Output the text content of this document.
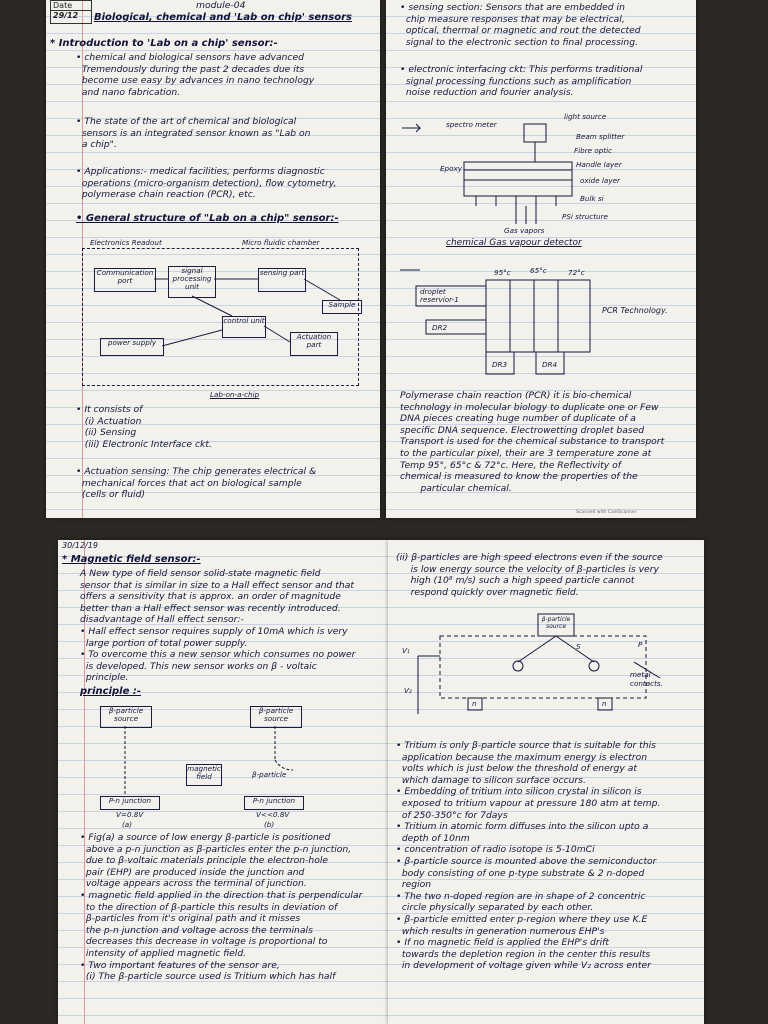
Date
29/12
module-04
Biological, chemical and 'Lab on chip' sensors
* Introduction to 'Lab on a chip' sensor:-
• chemical and biological sensors have advanced
Tremendously during the past 2 decades due its
become use easy by advances in nano technology
and nano fabrication.
• The state of the art of chemical and biological
sensors is an integrated sensor known as "Lab on
a chip".
• Applications:- medical facilities, performs diagnostic
operations (micro-organism detection), flow cytometry,
polymerase chain reaction (PCR), etc.
• General structure of "Lab on a chip" sensor:-
Electronics Readout	Micro fluidic chamber
Communication port
signal processing unit
sensing part
control unit
Sample
power supply
Actuation part
Lab-on-a-chip
• It consists of
(i) Actuation
(ii) Sensing
(iii) Electronic Interface ckt.
• Actuation sensing: The chip generates electrical &
mechanical forces that act on biological sample
(cells or fluid)
• sensing section: Sensors that are embedded in
chip measure responses that may be electrical,
optical, thermal or magnetic and rout the detected
signal to the electronic section to final processing.
• electronic interfacing ckt: This performs traditional
signal processing functions such as amplification
noise reduction and fourier analysis.
spectro meter
light source
Beam splitter
Fibre optic
Handle layer
oxide layer
Bulk si
PSi structure
Epoxy
Gas vapors
chemical Gas vapour detector
95°c	65°c	72°c
droplet reservior-1
DR2
DR3	DR4
PCR Technology.
Polymerase chain reaction (PCR) it is bio-chemical
technology in molecular biology to duplicate one or Few
DNA pieces creating huge number of duplicate of a
specific DNA sequence. Electrowetting droplet based
Transport is used for the chemical substance to transport
to the particular pixel, their are 3 temperature zone at
Temp 95°, 65°c & 72°c. Here, the Reflectivity of
chemical is measured to know the properties of the
particular chemical.
Scanned with CamScanner
30/12/19
* Magnetic field sensor:-
A New type of field sensor solid-state magnetic field
sensor that is similar in size to a Hall effect sensor and that
offers a sensitivity that is approx. an order of magnitude
better than a Hall effect sensor was recently introduced.
disadvantage of Hall effect sensor:-
• Hall effect sensor requires supply of 10mA which is very
large portion of total power supply.
• To overcome this a new sensor which consumes no power
is developed. This new sensor works on β - voltaic
principle.
principle :-
β-particle source
β-particle source
magnetic field	β-particle
P-n junction	P-n junction
V=0.8V	V<<0.8V
(a)	(b)
• Fig(a) a source of low energy β-particle is positioned
above a p-n junction as β-particles enter the p-n junction,
due to β-voltaic materials principle the electron-hole
pair (EHP) are produced inside the junction and
voltage appears across the terminal of junction.
• magnetic field applied in the direction that is perpendicular
to the direction of β-particle this results in deviation of
β-particles from it's original path and it misses
the p-n junction and voltage across the terminals
decreases this decrease in voltage is proportional to
intensity of applied magnetic field.
• Two important features of the sensor are,
(i) The β-particle source used is Tritium which has half
(ii) β-particles are high speed electrons even if the source
is low energy source the velocity of β-particles is very
high (10⁸ m/s) such a high speed particle cannot
respond quickly over magnetic field.
β-particle source
S	P
V₁
V₂
metal contacts.
n	n
• Tritium is only β-particle source that is suitable for this
application because the maximum energy is electron
volts which is just below the threshold of energy at
which damage to silicon surface occurs.
• Embedding of tritium into silicon crystal in silicon is
exposed to tritium vapour at pressure 180 atm at temp.
of 250-350°c for 7days
• Tritium in atomic form diffuses into the silicon upto a
depth of 10nm
• concentration of radio isotope is 5-10mCi
• β-particle source is mounted above the semiconductor
body consisting of one p-type substrate & 2 n-doped
region
• The two n-doped region are in shape of 2 concentric
circle physically separated by each other.
• β-particle emitted enter p-region where they use K.E
which results in generation numerous EHP's
• If no magnetic field is applied the EHP's drift
towards the depletion region in the center this results
in development of voltage given while V₂ across enter
